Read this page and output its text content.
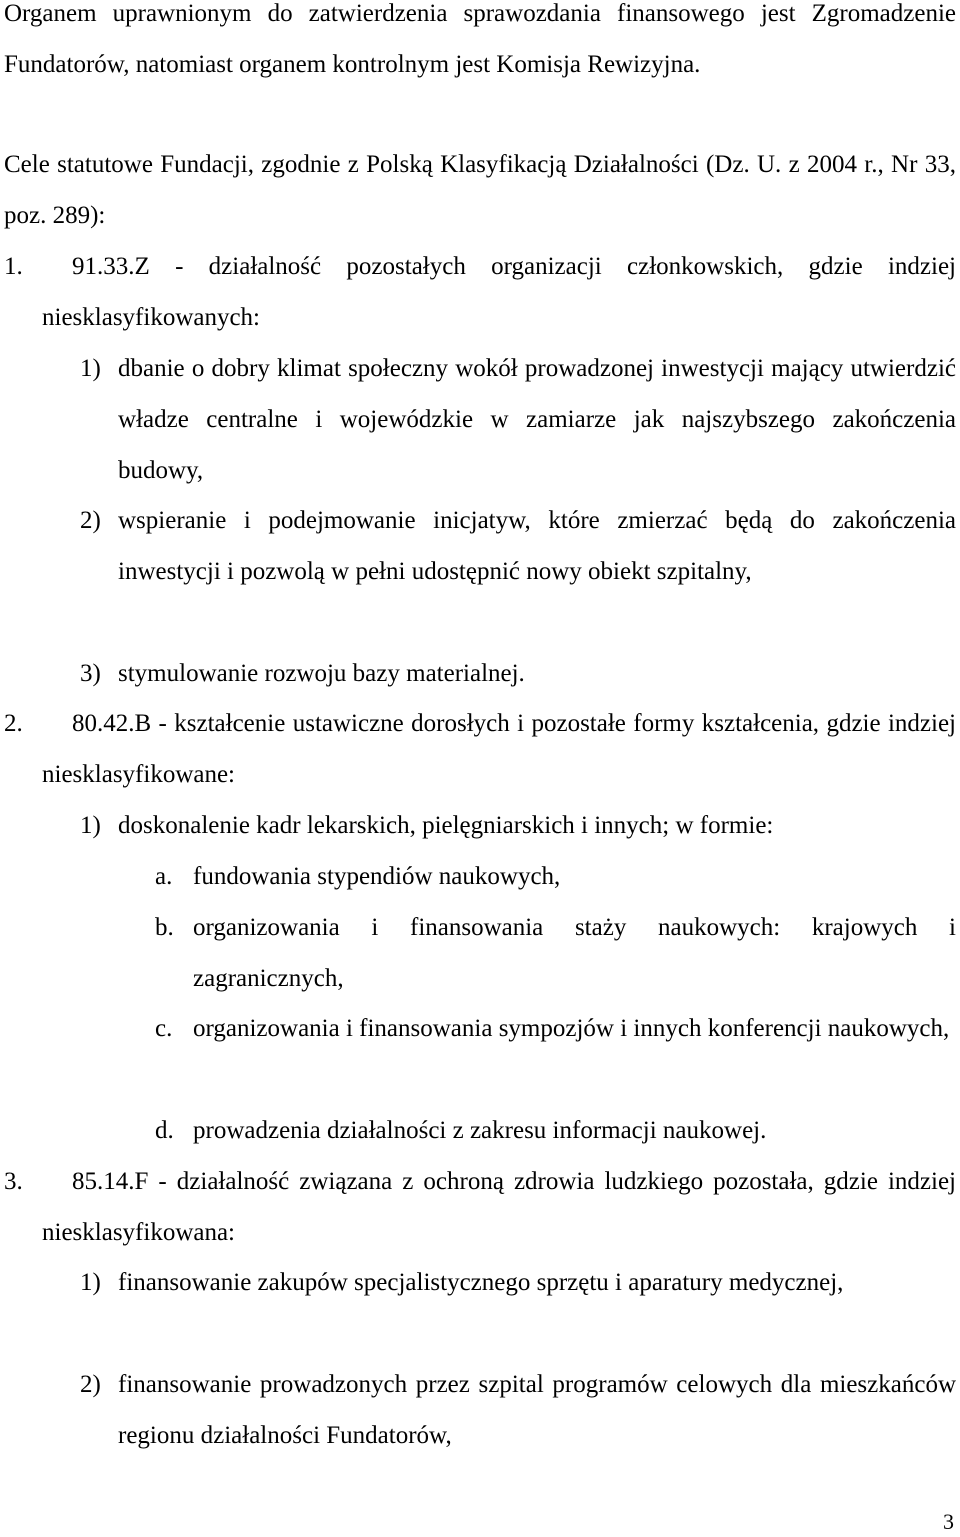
Organem uprawnionym do zatwierdzenia sprawozdania finansowego jest Zgromadzenie Fundatorów, natomiast organem kontrolnym jest Komisja Rewizyjna.
Cele statutowe Fundacji, zgodnie z Polską Klasyfikacją Działalności (Dz. U. z 2004 r., Nr 33, poz. 289):
1.	91.33.Z - działalność pozostałych organizacji członkowskich, gdzie indziej niesklasyfikowanych:
1) dbanie o dobry klimat społeczny wokół prowadzonej inwestycji mający utwierdzić władze centralne i wojewódzkie w zamiarze jak najszybszego zakończenia budowy,
2) wspieranie i podejmowanie inicjatyw, które zmierzać będą do zakończenia inwestycji i pozwolą w pełni udostępnić nowy obiekt szpitalny,
3) stymulowanie rozwoju bazy materialnej.
2.	80.42.B - kształcenie ustawiczne dorosłych i pozostałe formy kształcenia, gdzie indziej niesklasyfikowane:
1) doskonalenie kadr lekarskich, pielęgniarskich i innych; w formie:
a. fundowania stypendiów naukowych,
b. organizowania i finansowania staży naukowych: krajowych i zagranicznych,
c. organizowania i finansowania sympozjów i innych konferencji naukowych,
d. prowadzenia działalności z zakresu informacji naukowej.
3.	85.14.F - działalność związana z ochroną zdrowia ludzkiego pozostała, gdzie indziej niesklasyfikowana:
1) finansowanie zakupów specjalistycznego sprzętu i aparatury medycznej,
2) finansowanie prowadzonych przez szpital programów celowych dla mieszkańców regionu działalności Fundatorów,
3
